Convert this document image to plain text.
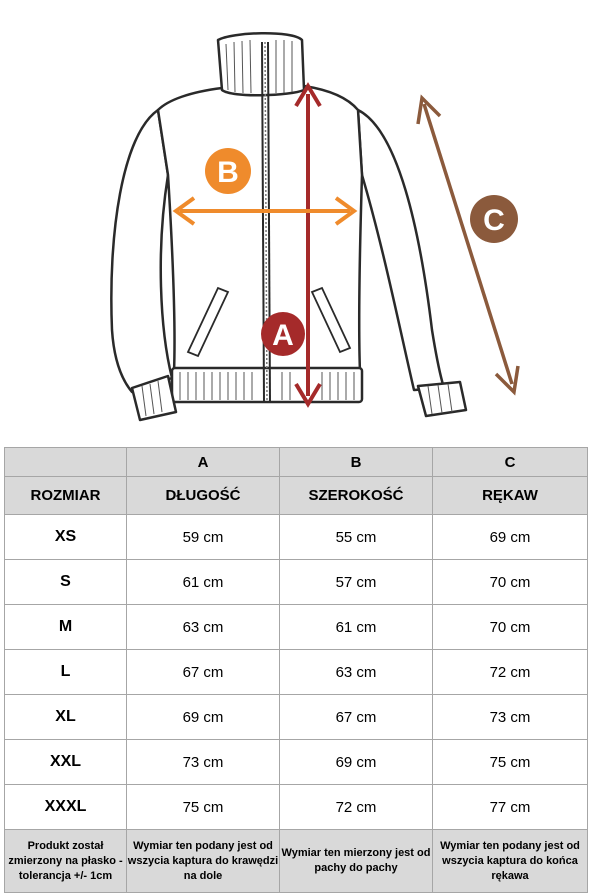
A
B
C
	A	B	C
ROZMIAR	DŁUGOŚĆ	SZEROKOŚĆ	RĘKAW
XS	59 cm	55 cm	69 cm
S	61 cm	57 cm	70 cm
M	63 cm	61 cm	70 cm
L	67 cm	63 cm	72 cm
XL	69 cm	67 cm	73 cm
XXL	73 cm	69 cm	75 cm
XXXL	75 cm	72 cm	77 cm
Produkt został zmierzony na płasko - tolerancja +/- 1cm	Wymiar ten podany jest od wszycia kaptura do krawędzi na dole	Wymiar ten mierzony jest od pachy do pachy	Wymiar ten podany jest od wszycia kaptura do końca rękawa
